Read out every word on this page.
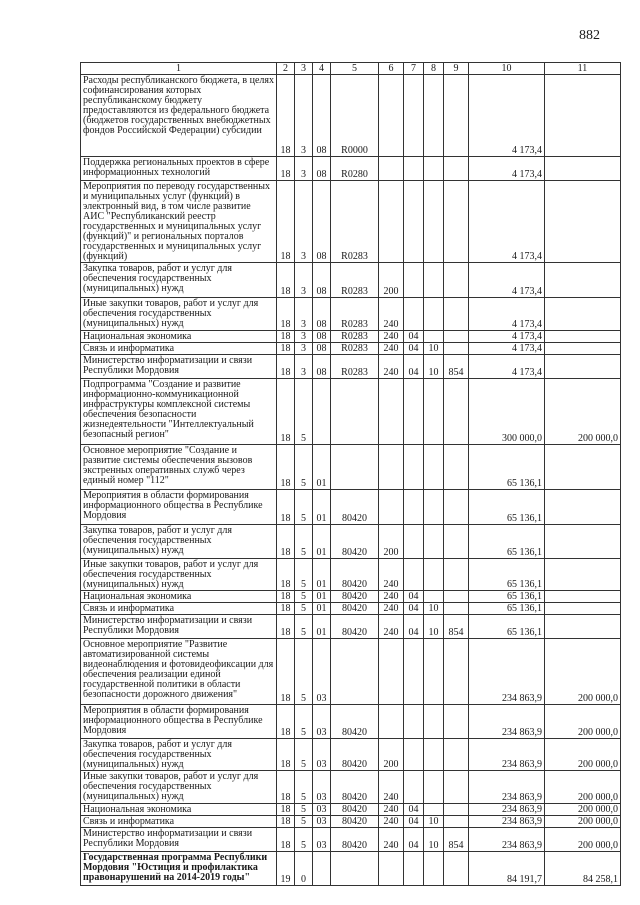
882
1	2	3	4	5	6	7	8	9	10	11
Расходы республиканского бюджета, в целях софинансирования которых республиканскому бюджету предоставляются из федерального бюджета (бюджетов государственных внебюджетных фондов Российской Федерации) субсидии	18	3	08	R0000					4 173,4	
Поддержка региональных проектов в сфере информационных технологий	18	3	08	R0280					4 173,4	
Мероприятия по переводу государственных и муниципальных услуг (функций) в электронный вид, в том числе развитие АИС "Республиканский реестр государственных и муниципальных услуг (функций)" и региональных порталов государственных и муниципальных услуг (функций)	18	3	08	R0283					4 173,4	
Закупка товаров, работ и услуг для обеспечения государственных (муниципальных) нужд	18	3	08	R0283	200				4 173,4	
Иные закупки товаров, работ и услуг для обеспечения государственных (муниципальных) нужд	18	3	08	R0283	240				4 173,4	
Национальная экономика	18	3	08	R0283	240	04			4 173,4	
Связь и информатика	18	3	08	R0283	240	04	10		4 173,4	
Министерство информатизации и связи Республики Мордовия	18	3	08	R0283	240	04	10	854	4 173,4	
Подпрограмма "Создание и развитие информационно-коммуникационной инфраструктуры комплексной системы обеспечения безопасности жизнедеятельности "Интеллектуальный безопасный регион"	18	5							300 000,0	200 000,0
Основное мероприятие "Создание и развитие системы обеспечения вызовов экстренных оперативных служб через единый номер "112"	18	5	01						65 136,1	
Мероприятия в области формирования информационного общества в Республике Мордовия	18	5	01	80420					65 136,1	
Закупка товаров, работ и услуг для обеспечения государственных (муниципальных) нужд	18	5	01	80420	200				65 136,1	
Иные закупки товаров, работ и услуг для обеспечения государственных (муниципальных) нужд	18	5	01	80420	240				65 136,1	
Национальная экономика	18	5	01	80420	240	04			65 136,1	
Связь и информатика	18	5	01	80420	240	04	10		65 136,1	
Министерство информатизации и связи Республики Мордовия	18	5	01	80420	240	04	10	854	65 136,1	
Основное мероприятие "Развитие автоматизированной системы видеонаблюдения и фотовидеофиксации для обеспечения реализации единой государственной политики в области безопасности дорожного движения"	18	5	03						234 863,9	200 000,0
Мероприятия в области формирования информационного общества в Республике Мордовия	18	5	03	80420					234 863,9	200 000,0
Закупка товаров, работ и услуг для обеспечения государственных (муниципальных) нужд	18	5	03	80420	200				234 863,9	200 000,0
Иные закупки товаров, работ и услуг для обеспечения государственных (муниципальных) нужд	18	5	03	80420	240				234 863,9	200 000,0
Национальная экономика	18	5	03	80420	240	04			234 863,9	200 000,0
Связь и информатика	18	5	03	80420	240	04	10		234 863,9	200 000,0
Министерство информатизации и связи Республики Мордовия	18	5	03	80420	240	04	10	854	234 863,9	200 000,0
Государственная программа Республики Мордовия "Юстиция и профилактика правонарушений на 2014-2019 годы"	19	0							84 191,7	84 258,1
